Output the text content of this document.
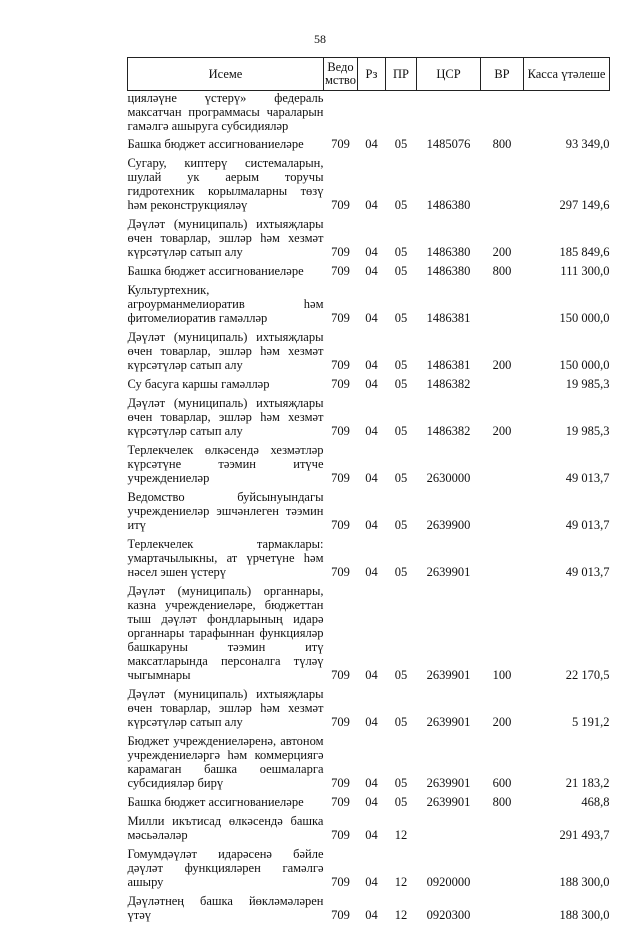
58
Исеме	Ведомство	Рз	ПР	ЦСР	ВР	Касса үтәлеше
цияләүне үстерү» федераль максатчан программасы чараларын гамәлгә ашыруга субсидияләр						
Башка бюджет ассигнованиеләре	709	04	05	1485076	800	93 349,0
Сугару, киптерү системаларын, шулай ук аерым торучы гидротехник корылмаларны төзү һәм реконструкцияләү	709	04	05	1486380		297 149,6
Дәүләт (муниципаль) ихтыяҗлары өчен товарлар, эшләр һәм хезмәт күрсәтүләр сатып алу	709	04	05	1486380	200	185 849,6
Башка бюджет ассигнованиеләре	709	04	05	1486380	800	111 300,0
Культуртехник, агроурманмелиоратив һәм фитомелиоратив гамәлләр	709	04	05	1486381		150 000,0
Дәүләт (муниципаль) ихтыяҗлары өчен товарлар, эшләр һәм хезмәт күрсәтүләр сатып алу	709	04	05	1486381	200	150 000,0
Су басуга каршы гамәлләр	709	04	05	1486382		19 985,3
Дәүләт (муниципаль) ихтыяҗлары өчен товарлар, эшләр һәм хезмәт күрсәтүләр сатып алу	709	04	05	1486382	200	19 985,3
Терлекчелек өлкәсендә хезмәтләр күрсәтүне тәэмин итүче учреждениеләр	709	04	05	2630000		49 013,7
Ведомство буйсынуындагы учреждениеләр эшчәнлеген тәэмин итү	709	04	05	2639900		49 013,7
Терлекчелек тармаклары: умартачылыкны, ат үрчетүне һәм нәсел эшен үстерү	709	04	05	2639901		49 013,7
Дәүләт (муниципаль) органнары, казна учреждениеләре, бюджеттан тыш дәүләт фондларының идарә органнары тарафыннан функцияләр башкаруны тәэмин итү максатларында персоналга түләү чыгымнары	709	04	05	2639901	100	22 170,5
Дәүләт (муниципаль) ихтыяҗлары өчен товарлар, эшләр һәм хезмәт күрсәтүләр сатып алу	709	04	05	2639901	200	5 191,2
Бюджет учреждениеләренә, автоном учреждениеләргә һәм коммерциягә карамаган башка оешмаларга субсидияләр бирү	709	04	05	2639901	600	21 183,2
Башка бюджет ассигнованиеләре	709	04	05	2639901	800	468,8
Милли икътисад өлкәсендә башка мәсьәләләр	709	04	12			291 493,7
Гомумдәүләт идарәсенә бәйле дәүләт функцияләрен гамәлгә ашыру	709	04	12	0920000		188 300,0
Дәүләтнең башка йөкләмәләрен үтәү	709	04	12	0920300		188 300,0
